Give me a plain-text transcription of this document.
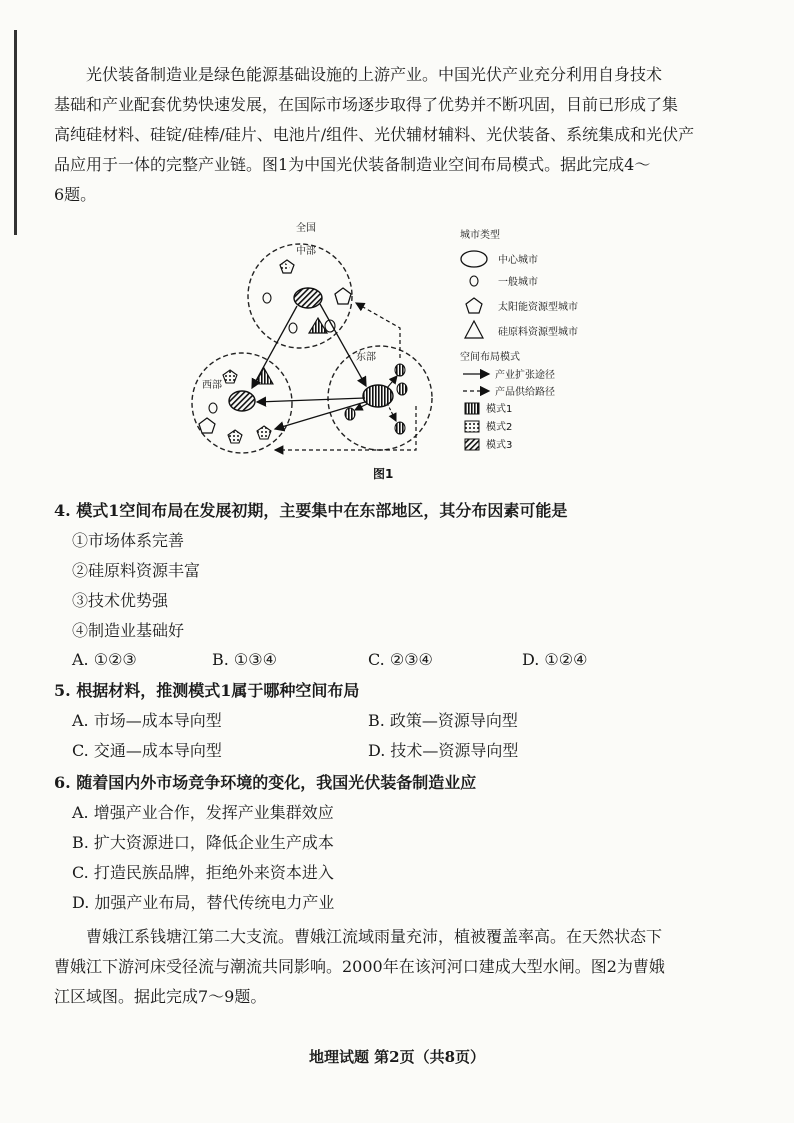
光伏装备制造业是绿色能源基础设施的上游产业。中国光伏产业充分利用自身技术
基础和产业配套优势快速发展，在国际市场逐步取得了优势并不断巩固，目前已形成了集
高纯硅材料、硅锭/硅棒/硅片、电池片/组件、光伏辅材辅料、光伏装备、系统集成和光伏产
品应用于一体的完整产业链。图1为中国光伏装备制造业空间布局模式。据此完成4～
6题。
全国
中部
西部
东部
城市类型
中心城市
一般城市
太阳能资源型城市
硅原料资源型城市
空间布局模式
产业扩张途径
产品供给路径
模式1
模式2
模式3
图1
4. 模式1空间布局在发展初期，主要集中在东部地区，其分布因素可能是
①市场体系完善
②硅原料资源丰富
③技术优势强
④制造业基础好
A. ①②③	B. ①③④	C. ②③④	D. ①②④
5. 根据材料，推测模式1属于哪种空间布局
A. 市场—成本导向型	B. 政策—资源导向型
C. 交通—成本导向型	D. 技术—资源导向型
6. 随着国内外市场竞争环境的变化，我国光伏装备制造业应
A. 增强产业合作，发挥产业集群效应
B. 扩大资源进口，降低企业生产成本
C. 打造民族品牌，拒绝外来资本进入
D. 加强产业布局，替代传统电力产业
曹娥江系钱塘江第二大支流。曹娥江流域雨量充沛，植被覆盖率高。在天然状态下
曹娥江下游河床受径流与潮流共同影响。2000年在该河河口建成大型水闸。图2为曹娥
江区域图。据此完成7～9题。
地理试题 第2页（共8页）
